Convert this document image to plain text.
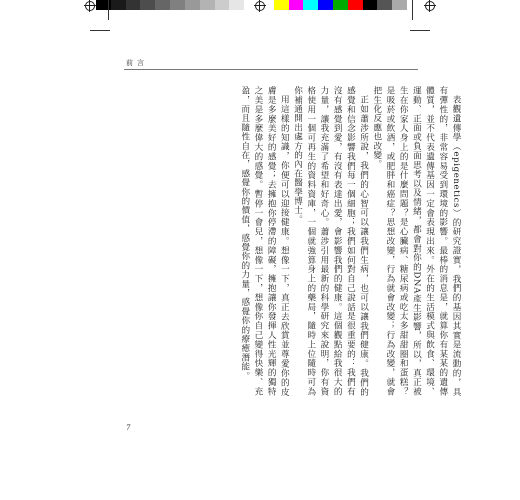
前言

表觀遺傳學（epigenetics）的研究證實，我們的基因其實是流動的，具有彈性的，非常容易受到環境的影響。最棒的消息是，就算你有某某的遺傳體質，並不代表遺傳基因一定會表現出來。外在的生活模式與飲食、環境、運動、正面或負面思考以及情緒，都會對你的DNA產生影響，所以，真正被生在你家人身上的是什麼問題？是心臟病、糖尿病或吃太多甜甜圈和蛋糕？是吸菸或飲酒，或肥胖和癌症？思想改變，行為就會改變；行為改變，就會把生化反應也改變。

正如蕭涉所說，我們的心智可以讓我們生病，也可以讓我們健康。我們的感覺和信念影響我們每一個細胞；我們如何對自己說話是很重要的：我們有沒有感覺到愛，有沒有表達出愛，會影響我們的健康。這個觀點給我很大的力量，讓我充滿了希望和好奇心。蕭涉引用最新的科學研究來說明，你有資格使用一個可再生的資料資庫，一個就強算身上的藥局，隨時上位隨時可為你補通開出處方的內在醫學博士。

用這樣的知識，你便可以迎接健康。想像一下，真正去欣賞並尊愛你的皮膚是多麼美好的感覺；去擁抱你停滯的障礙，擁抱讓你發揮人性光輝的獨特之美是多麼偉大的感覺。暫停一會兒，想像一下，想像你自己變得快樂、充盈，而且隨性自在，感覺你的價值，感覺你的力量，感覺你的療癒潛能。

7
